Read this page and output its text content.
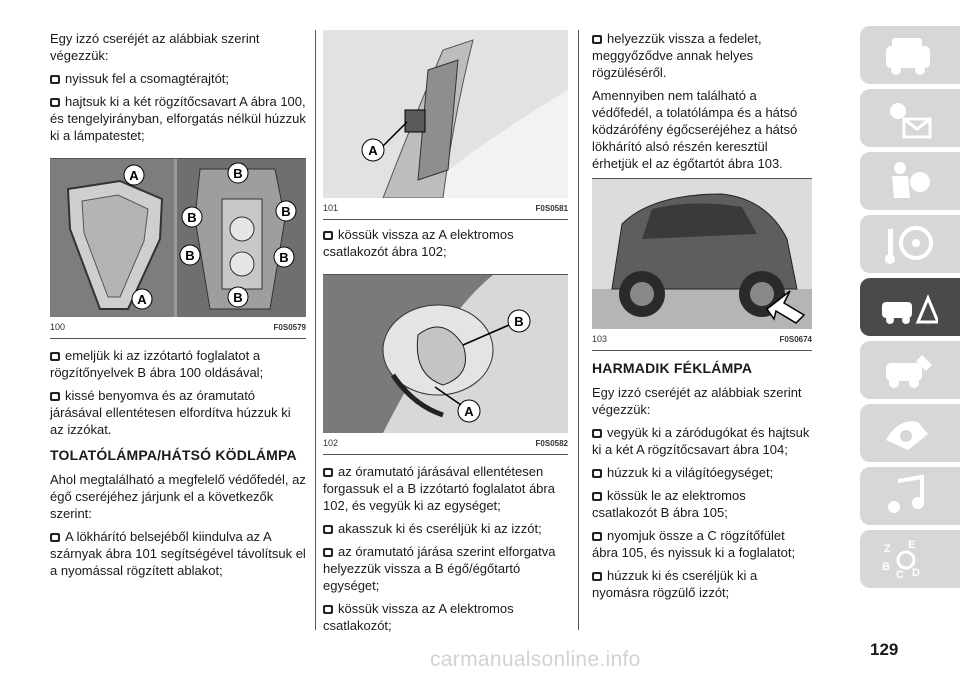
Egy izzó cseréjét az alábbiak szerint végezzük:

nyissuk fel a csomagtérajtót;

hajtsuk ki a két rögzítőcsavart A ábra 100, és tengelyirányban, elforgatás nélkül húzzuk ki a lámpatestet;

A
A
B
B
B
B	B
B
100	F0S0579

emeljük ki az izzótartó foglalatot a rögzítőnyelvek B ábra 100 oldásával;

kissé benyomva és az óramutató járásával ellentétesen elfordítva húzzuk ki az izzókat.

TOLATÓLÁMPA/HÁTSÓ KÖDLÁMPA

Ahol megtalálható a megfelelő védőfedél, az égő cseréjéhez járjunk el a következők szerint:

A lökhárító belsejéből kiindulva az A szárnyak ábra 101 segítségével távolítsuk el a nyomással rögzített ablakot;

A
101	F0S0581

kössük vissza az A elektromos csatlakozót ábra 102;

B
A
102	F0S0582

az óramutató járásával ellentétesen forgassuk el a B izzótartó foglalatot ábra 102, és vegyük ki az egységet;

akasszuk ki és cseréljük ki az izzót;

az óramutató járása szerint elforgatva helyezzük vissza a B égő/égőtartó egységet;

kössük vissza az A elektromos csatlakozót;

helyezzük vissza a fedelet, meggyőződve annak helyes rögzüléséről.

Amennyiben nem található a védőfedél, a tolatólámpa és a hátsó ködzárófény égőcseréjéhez a hátsó lökhárító alsó részén keresztül érhetjük el az égőtartót ábra 103.

103	F0S0674
HARMADIK FÉKLÁMPA

Egy izzó cseréjét az alábbiak szerint végezzük:

vegyük ki a záródugókat és hajtsuk ki a két A rögzítőcsavart ábra 104;

húzzuk ki a világítóegységet;

kössük le az elektromos csatlakozót B ábra 105;

nyomjuk össze a C rögzítőfület ábra 105, és nyissuk ki a foglalatot;

húzzuk ki és cseréljük ki a nyomásra rögzülő izzót;

Z E
B D
C
129
carmanualsonline.info
